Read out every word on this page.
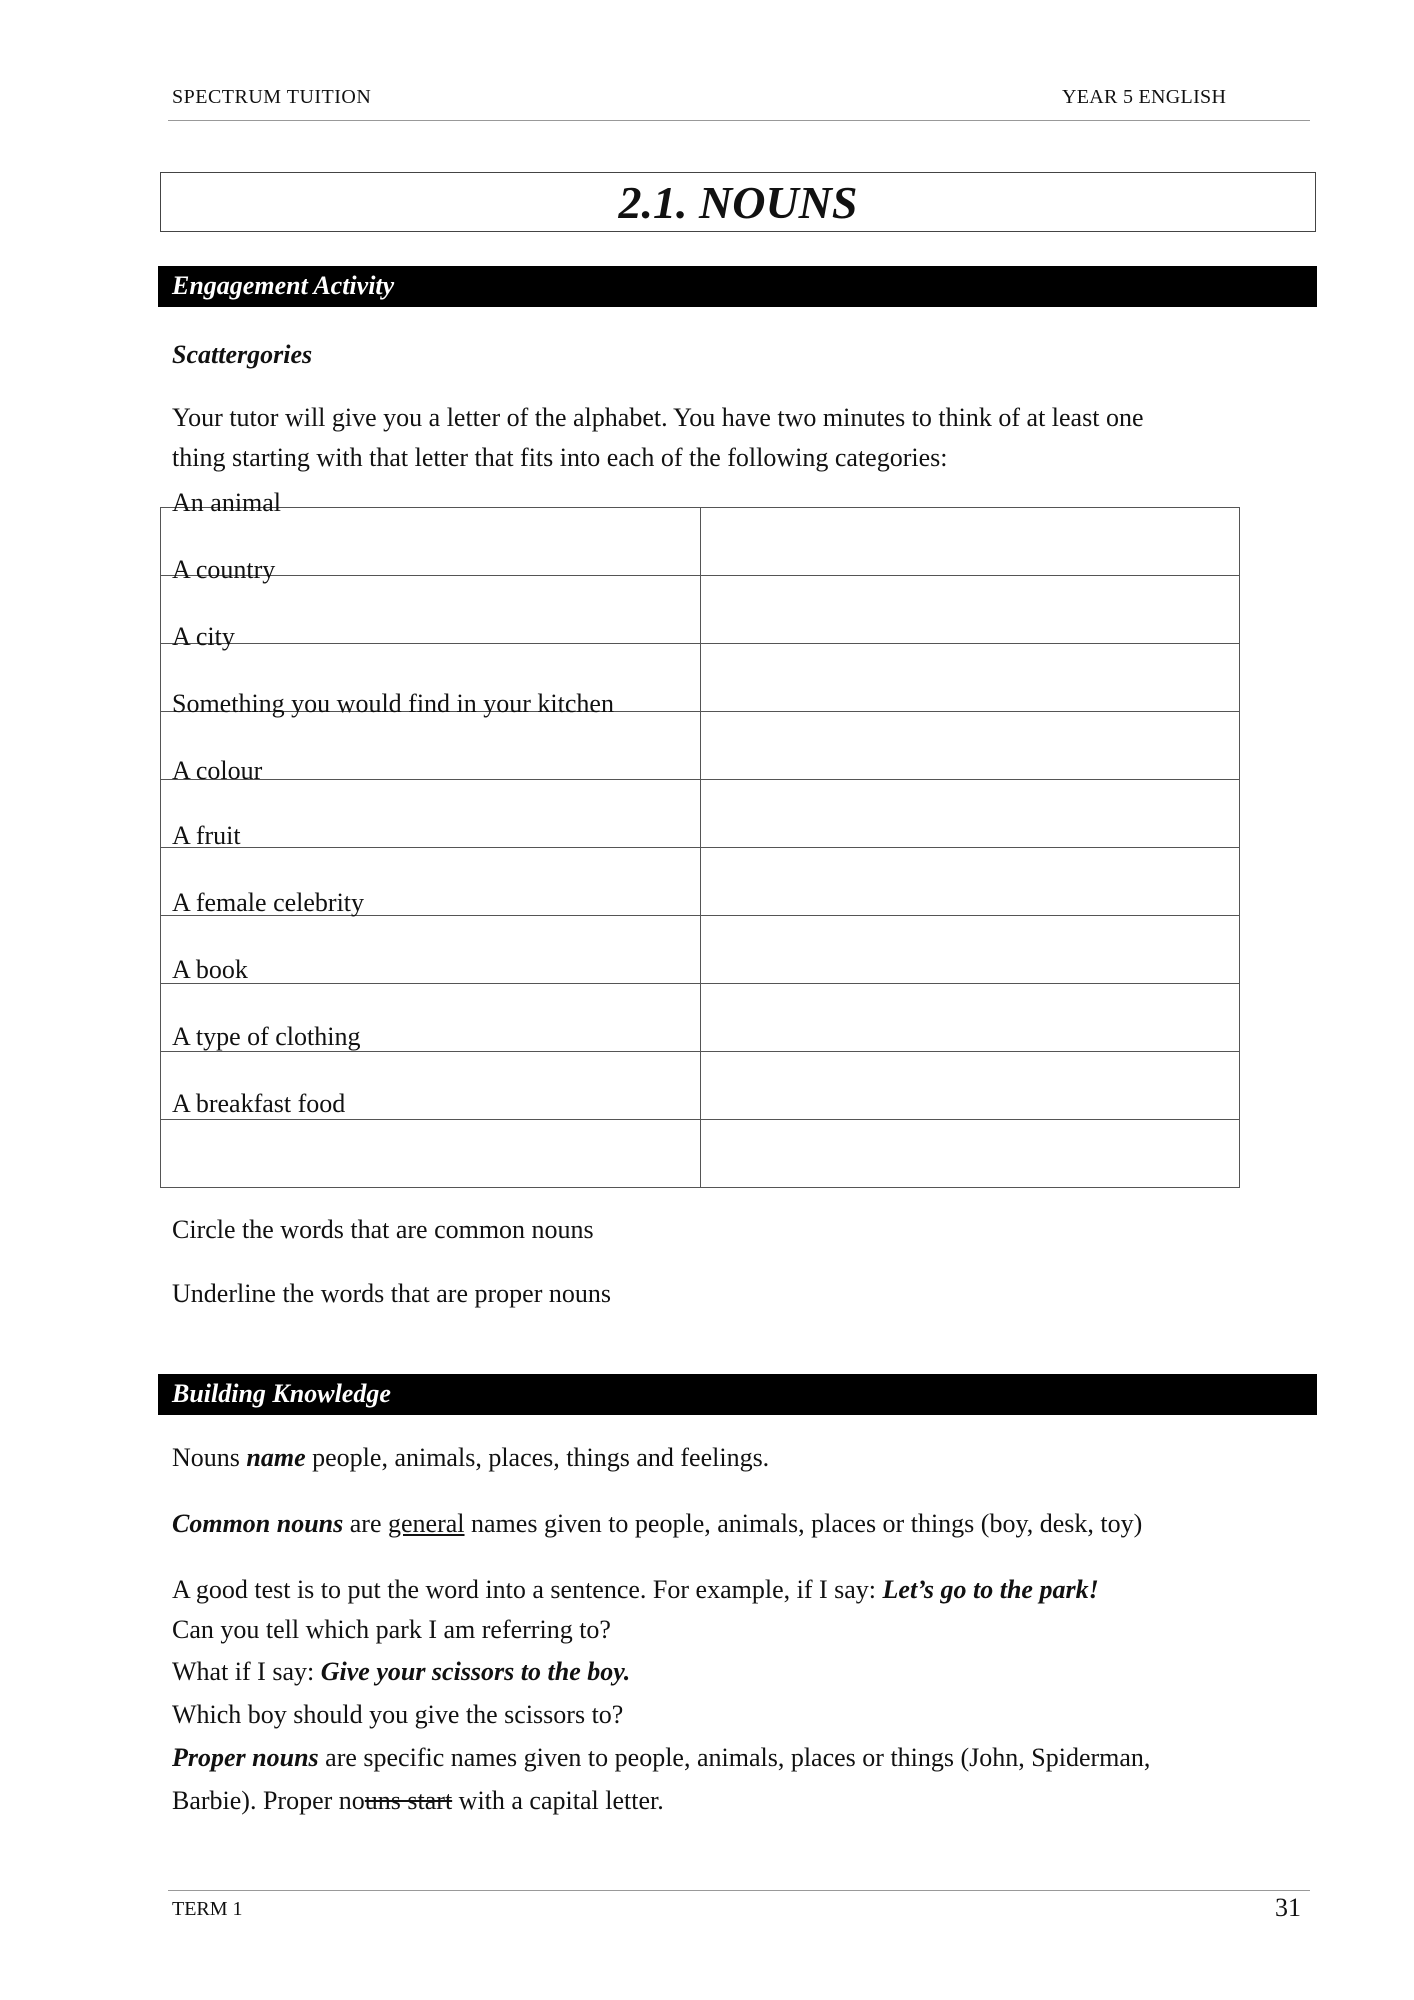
SPECTRUM TUITION	YEAR 5 ENGLISH
2.1. NOUNS
Engagement Activity
Scattergories
Your tutor will give you a letter of the alphabet. You have two minutes to think of at least one
thing starting with that letter that fits into each of the following categories:

An animal
A country
A city
Something you would find in your kitchen
A colour
A fruit
A female celebrity
A book
A type of clothing
A breakfast food
Circle the words that are common nouns
Underline the words that are proper nouns
Building Knowledge
Nouns name people, animals, places, things and feelings.
Common nouns are general names given to people, animals, places or things (boy, desk, toy)
A good test is to put the word into a sentence. For example, if I say: Let’s go to the park!
Can you tell which park I am referring to?
What if I say: Give your scissors to the boy.
Which boy should you give the scissors to?
Proper nouns are specific names given to people, animals, places or things (John, Spiderman,
Barbie). Proper nouns start with a capital letter.
TERM 1	31
